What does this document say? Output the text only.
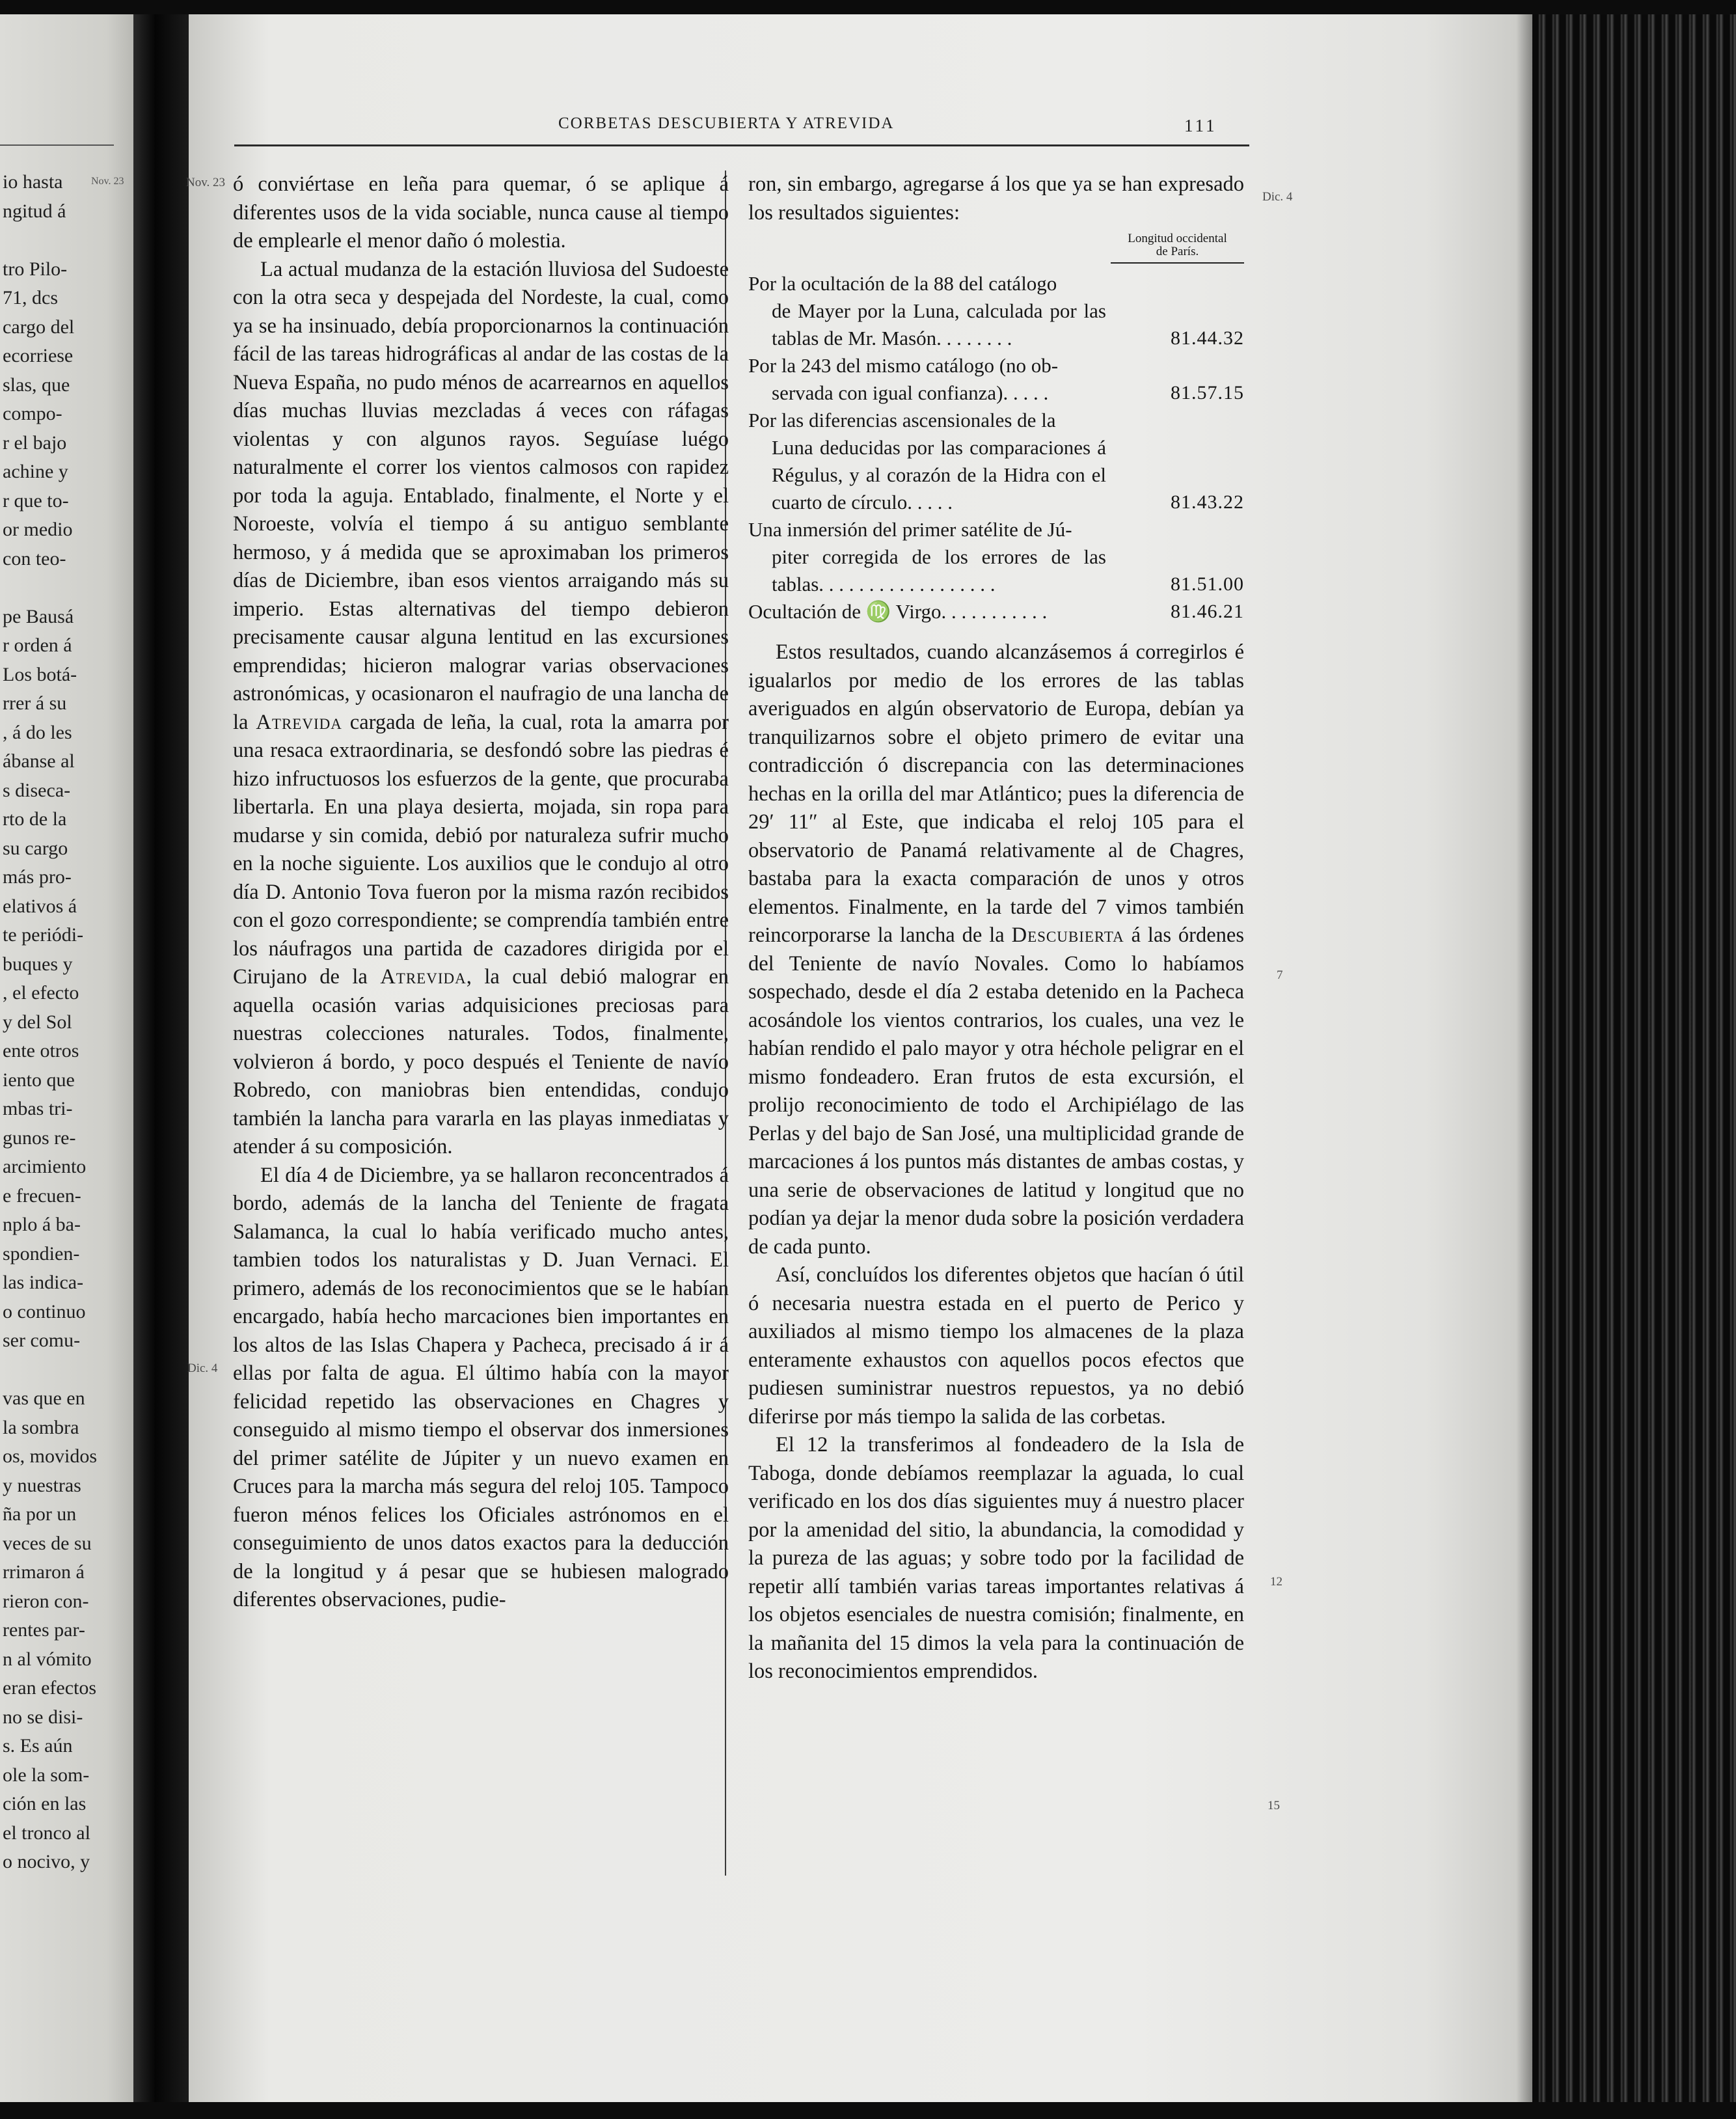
io hasta
ngitud á
tro Pilo-
71, dcs
cargo del
ecorriese
slas, que
compo-
r el bajo
achine y
r que to-
or medio
con teo-
pe Bausá
r orden á
Los botá-
rrer á su
, á do les
ábanse al
s diseca-
rto de la
su cargo
más pro-
elativos á
te periódi-
buques y
, el efecto
y del Sol
ente otros
iento que
mbas tri-
gunos re-
arcimiento
e frecuen-
nplo á ba-
spondien-
las indica-
o continuo
ser comu-
vas que en
la sombra
os, movidos
y nuestras
ña por un
veces de su
rrimaron á
rieron con-
rentes par-
n al vómito
eran efectos
no se disi-
s. Es aún
ole la som-
ción en las
el tronco al
o nocivo, y
Nov. 23
CORBETAS DESCUBIERTA Y ATREVIDA	111
Nov. 23
Dic. 4
Dic. 4
7
12
15

ó conviértase en leña para quemar, ó se aplique á diferentes usos de la vida sociable, nunca cause al tiempo de emplearle el menor daño ó molestia.

La actual mudanza de la estación lluviosa del Sudoeste con la otra seca y despejada del Nordeste, la cual, como ya se ha insinuado, debía proporcionarnos la continuación fácil de las tareas hidrográficas al andar de las costas de la Nueva España, no pudo ménos de acarrearnos en aquellos días muchas lluvias mezcladas á veces con ráfagas violentas y con algunos rayos. Seguíase luégo naturalmente el correr los vientos calmosos con rapidez por toda la aguja. Entablado, finalmente, el Norte y el Noroeste, volvía el tiempo á su antiguo semblante hermoso, y á medida que se aproximaban los primeros días de Diciembre, iban esos vientos arraigando más su imperio. Estas alternativas del tiempo debieron precisamente causar alguna lentitud en las excursiones emprendidas; hicieron malograr varias observaciones astronómicas, y ocasionaron el naufragio de una lancha de la Atrevida cargada de leña, la cual, rota la amarra por una resaca extraordinaria, se desfondó sobre las piedras é hizo infructuosos los esfuerzos de la gente, que procuraba libertarla. En una playa desierta, mojada, sin ropa para mudarse y sin comida, debió por naturaleza sufrir mucho en la noche siguiente. Los auxilios que le condujo al otro día D. Antonio Tova fueron por la misma razón recibidos con el gozo correspondiente; se comprendía también entre los náufragos una partida de cazadores dirigida por el Cirujano de la Atrevida, la cual debió malograr en aquella ocasión varias adquisiciones preciosas para nuestras colecciones naturales. Todos, finalmente, volvieron á bordo, y poco después el Teniente de navío Robredo, con maniobras bien entendidas, condujo también la lancha para vararla en las playas inmediatas y atender á su composición.

El día 4 de Diciembre, ya se hallaron reconcentrados á bordo, además de la lancha del Teniente de fragata Salamanca, la cual lo había verificado mucho antes, tambien todos los naturalistas y D. Juan Vernaci. El primero, además de los reconocimientos que se le habían encargado, había hecho marcaciones bien importantes en los altos de las Islas Chapera y Pacheca, precisado á ir á ellas por falta de agua. El último había con la mayor felicidad repetido las observaciones en Chagres y conseguido al mismo tiempo el observar dos inmersiones del primer satélite de Júpiter y un nuevo examen en Cruces para la marcha más segura del reloj 105. Tampoco fueron ménos felices los Oficiales astrónomos en el conseguimiento de unos datos exactos para la deducción de la longitud y á pesar que se hubiesen malogrado diferentes observaciones, pudie-

ron, sin embargo, agregarse á los que ya se han expresado los resultados siguientes:

Longitud occidental
de París.
Por la ocultación de la 88 del catálogo
de Mayer por la Luna, calculada por las tablas de Mr. Masón. . . . . . . .	81.44.32
Por la 243 del mismo catálogo (no ob-
servada con igual confianza). . . . .	81.57.15
Por las diferencias ascensionales de la
Luna deducidas por las comparaciones á Régulus, y al corazón de la Hidra con el cuarto de círculo. . . . .	81.43.22
Una inmersión del primer satélite de Jú-
piter corregida de los errores de las tablas. . . . . . . . . . . . . . . . . .	81.51.00
Ocultación de ♍ Virgo. . . . . . . . . . .	81.46.21

Estos resultados, cuando alcanzásemos á corregirlos é igualarlos por medio de los errores de las tablas averiguados en algún observatorio de Europa, debían ya tranquilizarnos sobre el objeto primero de evitar una contradicción ó discrepancia con las determinaciones hechas en la orilla del mar Atlántico; pues la diferencia de 29′ 11″ al Este, que indicaba el reloj 105 para el observatorio de Panamá relativamente al de Chagres, bastaba para la exacta comparación de unos y otros elementos. Finalmente, en la tarde del 7 vimos también reincorporarse la lancha de la Descubierta á las órdenes del Teniente de navío Novales. Como lo habíamos sospechado, desde el día 2 estaba detenido en la Pacheca acosándole los vientos contrarios, los cuales, una vez le habían rendido el palo mayor y otra héchole peligrar en el mismo fondeadero. Eran frutos de esta excursión, el prolijo reconocimiento de todo el Archipiélago de las Perlas y del bajo de San José, una multiplicidad grande de marcaciones á los puntos más distantes de ambas costas, y una serie de observaciones de latitud y longitud que no podían ya dejar la menor duda sobre la posición verdadera de cada punto.

Así, concluídos los diferentes objetos que hacían ó útil ó necesaria nuestra estada en el puerto de Perico y auxiliados al mismo tiempo los almacenes de la plaza enteramente exhaustos con aquellos pocos efectos que pudiesen suministrar nuestros repuestos, ya no debió diferirse por más tiempo la salida de las corbetas.

El 12 la transferimos al fondeadero de la Isla de Taboga, donde debíamos reemplazar la aguada, lo cual verificado en los dos días siguientes muy á nuestro placer por la amenidad del sitio, la abundancia, la comodidad y la pureza de las aguas; y sobre todo por la facilidad de repetir allí también varias tareas importantes relativas á los objetos esenciales de nuestra comisión; finalmente, en la mañanita del 15 dimos la vela para la continuación de los reconocimientos emprendidos.
